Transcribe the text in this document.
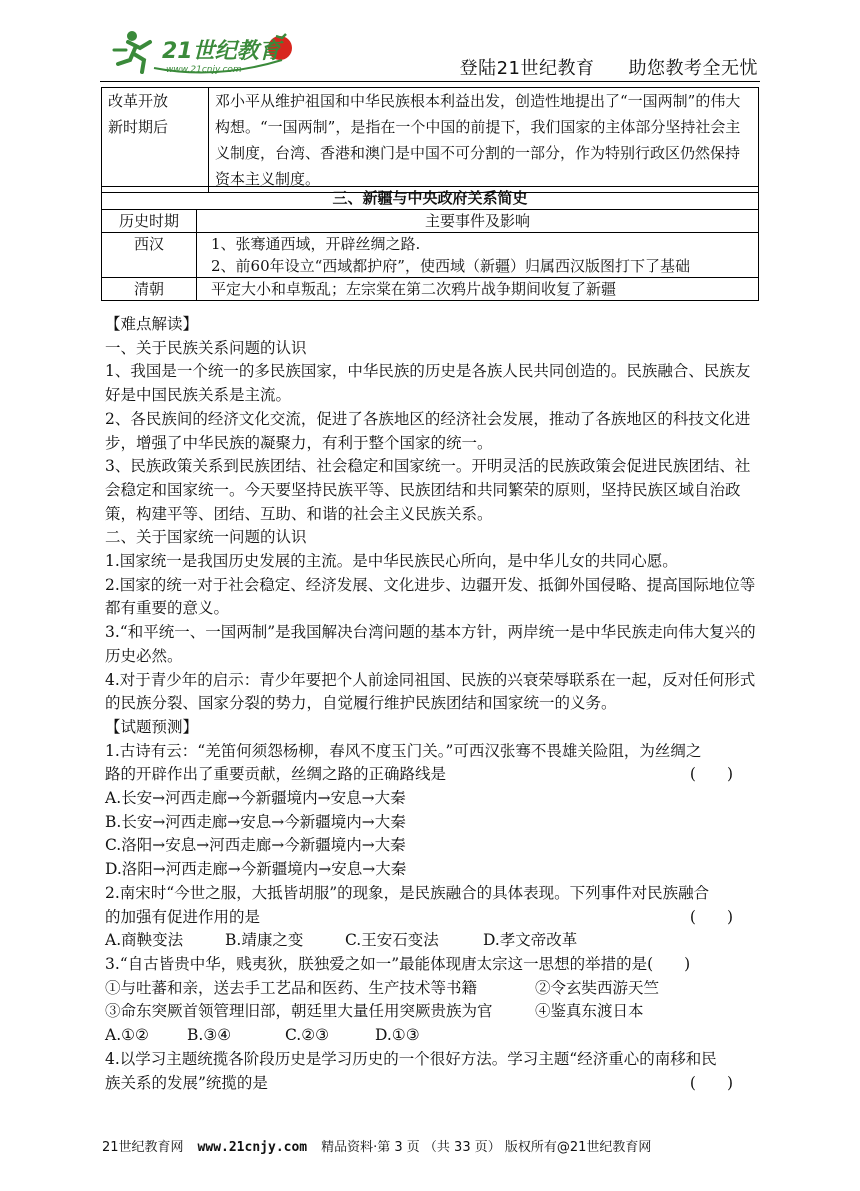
21世纪教育
www.21cnjy.com	登陆21世纪教育 助您教考全无忧
改革开放
新时期后
	邓小平从维护祖国和中华民族根本利益出发，创造性地提出了“一国两制”的伟大构想。“一国两制”，是指在一个中国的前提下，我们国家的主体部分坚持社会主义制度，台湾、香港和澳门是中国不可分割的一部分，作为特别行政区仍然保持资本主义制度。
三、新疆与中央政府关系简史	
历史时期	主要事件及影响
西汉	1、张骞通西域，开辟丝绸之路.
2、前60年设立“西域都护府”，使西域（新疆）归属西汉版图打下了基础

清朝	平定大小和卓叛乱；左宗棠在第二次鸦片战争期间收复了新疆

【难点解读】

一、关于民族关系问题的认识

1、我国是一个统一的多民族国家，中华民族的历史是各族人民共同创造的。民族融合、民族友好是中国民族关系是主流。

2、各民族间的经济文化交流，促进了各族地区的经济社会发展，推动了各族地区的科技文化进步，增强了中华民族的凝聚力，有利于整个国家的统一。

3、民族政策关系到民族团结、社会稳定和国家统一。开明灵活的民族政策会促进民族团结、社会稳定和国家统一。今天要坚持民族平等、民族团结和共同繁荣的原则，坚持民族区域自治政策，构建平等、团结、互助、和谐的社会主义民族关系。

二、关于国家统一问题的认识

1.国家统一是我国历史发展的主流。是中华民族民心所向，是中华儿女的共同心愿。

2.国家的统一对于社会稳定、经济发展、文化进步、边疆开发、抵御外国侵略、提高国际地位等都有重要的意义。

3.“和平统一、一国两制”是我国解决台湾问题的基本方针，两岸统一是中华民族走向伟大复兴的历史必然。

4.对于青少年的启示：青少年要把个人前途同祖国、民族的兴衰荣辱联系在一起，反对任何形式的民族分裂、国家分裂的势力，自觉履行维护民族团结和国家统一的义务。

【试题预测】

1.古诗有云：“羌笛何须怨杨柳，春风不度玉门关。”可西汉张骞不畏雄关险阻，为丝绸之

路的开辟作出了重要贡献，丝绸之路的正确路线是	(　　)

A.长安→河西走廊→今新疆境内→安息→大秦

B.长安→河西走廊→安息→今新疆境内→大秦

C.洛阳→安息→河西走廊→今新疆境内→大秦

D.洛阳→河西走廊→今新疆境内→安息→大秦

2.南宋时“今世之服，大抵皆胡服”的现象，是民族融合的具体表现。下列事件对民族融合

的加强有促进作用的是	(　　)

A.商鞅变法	B.靖康之变	C.王安石变法	D.孝文帝改革

3.“自古皆贵中华，贱夷狄，朕独爱之如一”最能体现唐太宗这一思想的举措的是(　　)

①与吐蕃和亲，送去手工艺品和医药、生产技术等书籍	②令玄奘西游天竺

③命东突厥首领管理旧部，朝廷里大量任用突厥贵族为官	④鉴真东渡日本

A.①② B.③④	C.②③	D.①③

4.以学习主题统揽各阶段历史是学习历史的一个很好方法。学习主题“经济重心的南移和民

族关系的发展”统揽的是	(　　)

21世纪教育网 www.21cnjy.com 精品资料·第 3 页 （共 33 页） 版权所有@21世纪教育网
